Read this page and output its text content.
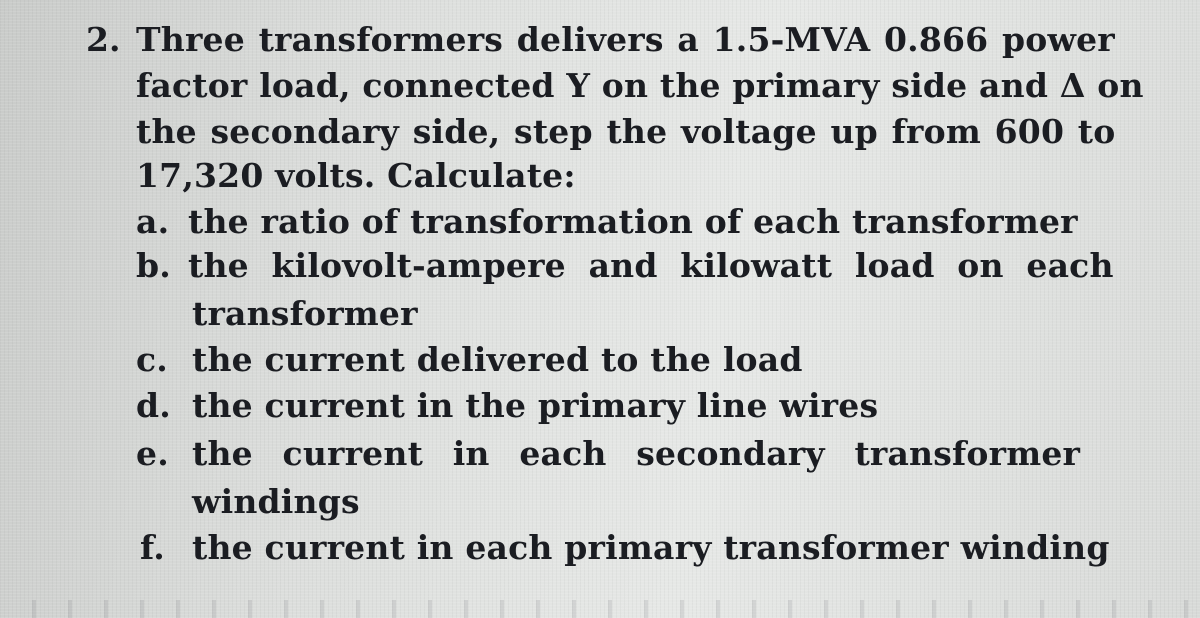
2. Three transformers delivers a 1.5-MVA 0.866 power
factor load, connected Y on the primary side and Δ on
the secondary side, step the voltage up from 600 to
17,320 volts. Calculate:
a. the ratio of transformation of each transformer
b. the kilovolt-ampere and kilowatt load on each
transformer
c. the current delivered to the load
d. the current in the primary line wires
e. the current in each secondary transformer
windings
f. the current in each primary transformer winding
